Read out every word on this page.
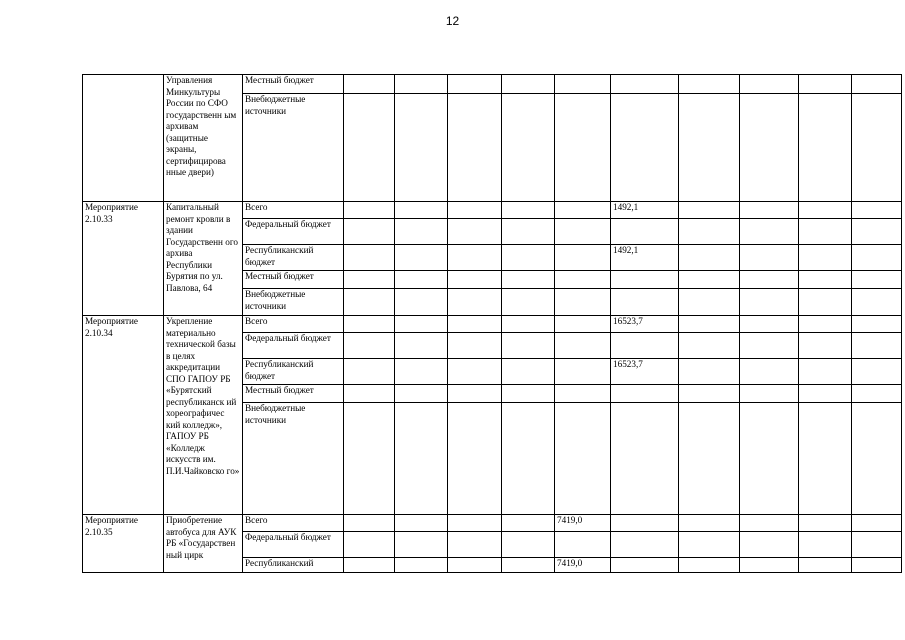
12
	Управления Минкультуры России по СФО государственн ым архивам (защитные экраны, сертифицирова нные двери)	Местный бюджет										
		Внебюджетные источники										
Мероприятие 2.10.33	Капитальный ремонт кровли в здании Государственн ого архива Республики Бурятия по ул. Павлова, 64	Всего						1492,1				
		Федеральный бюджет										
		Республиканский бюджет						1492,1				
		Местный бюджет										
		Внебюджетные источники										
Мероприятие 2.10.34	Укрепление материально технической базы в целях аккредитации СПО ГАПОУ РБ «Бурятский республиканск ий хореографичес кий колледж», ГАПОУ РБ «Колледж искусств им. П.И.Чайковско го»	Всего						16523,7				
		Федеральный бюджет										
		Республиканский бюджет						16523,7				
		Местный бюджет										
		Внебюджетные источники										
Мероприятие 2.10.35	Приобретение автобуса для АУК РБ «Государствен ный цирк	Всего					7419,0					
		Федеральный бюджет										
		Республиканский					7419,0					
